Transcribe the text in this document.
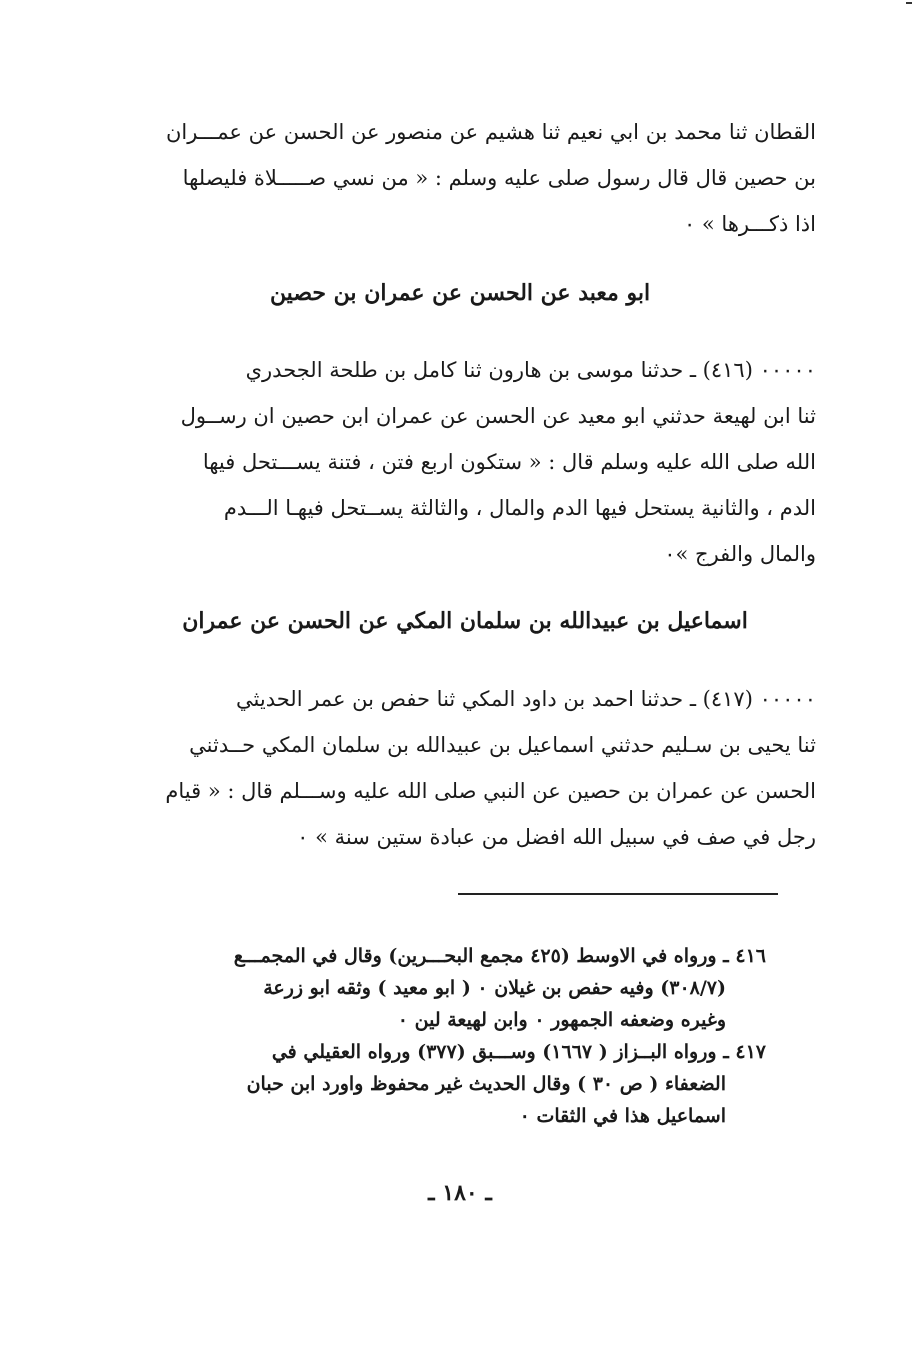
القطان ثنا محمد بن ابي نعيم ثنا هشيم عن منصور عن الحسن عن عمـــران
بن حصين قال قال رسول صلى عليه وسلم : « من نسي صـــــلاة فليصلها
اذا ذكـــرها » ٠
ابو معبد عن الحسن عن عمران بن حصين
٠٠٠٠٠ (٤١٦) ـ حدثنا موسى بن هارون ثنا كامل بن طلحة الجحدري
ثنا ابن لهيعة حدثني ابو معيد عن الحسن عن عمران ابن حصين ان رســول
الله صلى الله عليه وسلم قال : « ستكون اربع فتن ، فتنة يســـتحل فيها
الدم ، والثانية يستحل فيها الدم والمال ، والثالثة يســتحل فيهـا الـــدم
والمال والفرج »٠
اسماعيل بن عبيدالله بن سلمان المكي عن الحسن عن عمران
٠٠٠٠٠ (٤١٧) ـ حدثنا احمد بن داود المكي ثنا حفص بن عمر الحديثي
ثنا يحيى بن سـليم حدثني اسماعيل بن عبيدالله بن سلمان المكي حــدثني
الحسن عن عمران بن حصين عن النبي صلى الله عليه وســـلم قال : « قيام
رجل في صف في سبيل الله افضل من عبادة ستين سنة » ٠
٤١٦ ـ ورواه في الاوسط (٤٢٥ مجمع البحـــرين) وقال في المجمـــع
(٣٠٨/٧) وفيه حفص بن غيلان ٠ ( ابو معيد ) وثقه ابو زرعة
وغيره وضعفه الجمهور ٠ وابن لهيعة لين ٠
٤١٧ ـ ورواه البــزاز ( ١٦٦٧) وســـبق (٣٧٧) ورواه العقيلي في
الضعفاء ( ص ٣٠ ) وقال الحديث غير محفوظ واورد ابن حبان
اسماعيل هذا في الثقات ٠
ـ ١٨٠ ـ
